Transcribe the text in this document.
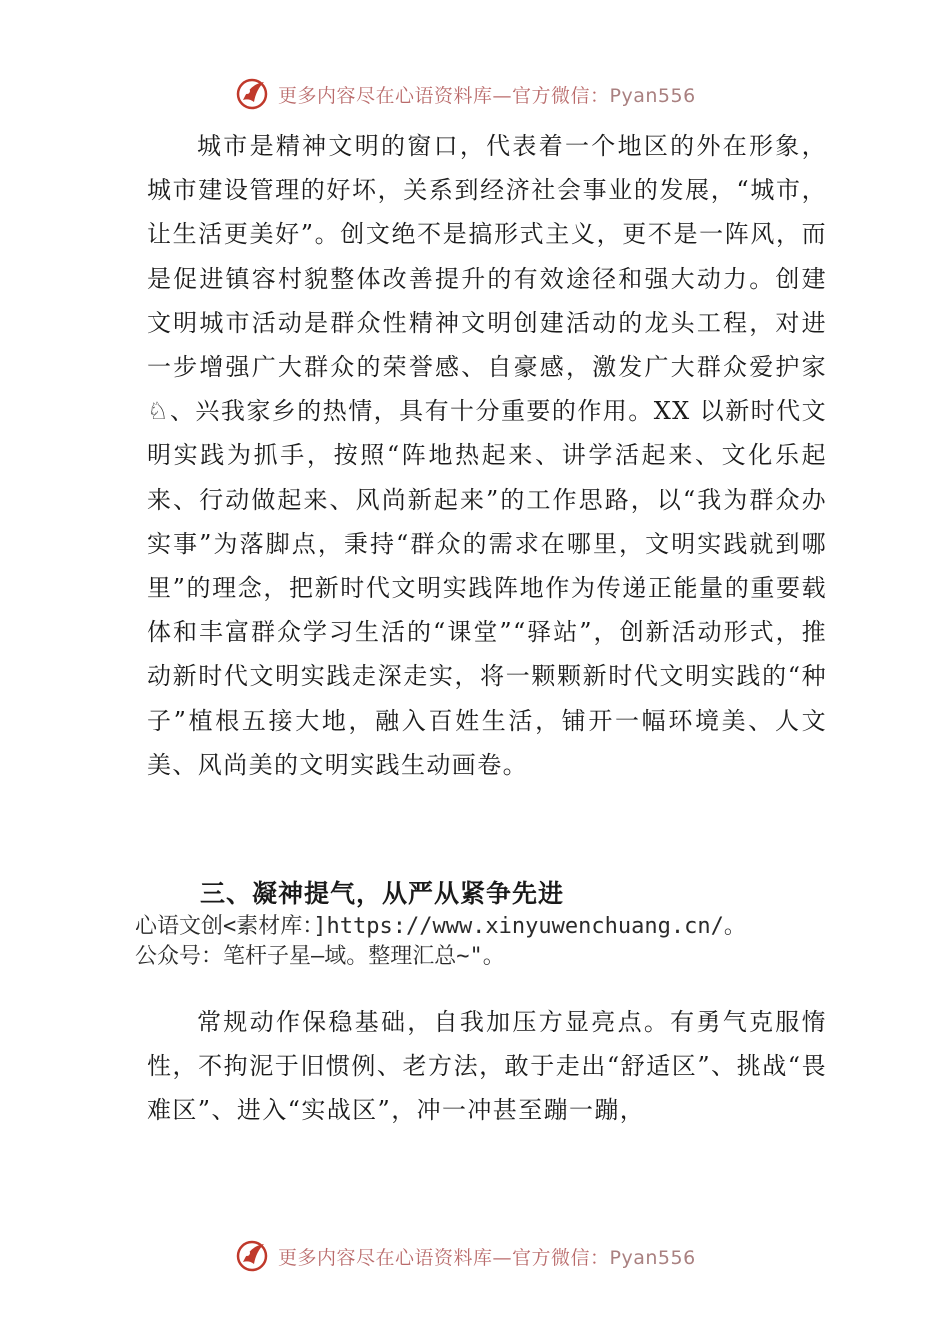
更多内容尽在心语资料库—官方微信：Pyan556

城市是精神文明的窗口，代表着一个地区的外在形象，城市建设管理的好坏，关系到经济社会事业的发展，“城市，让生活更美好”。创文绝不是搞形式主义，更不是一阵风，而是促进镇容村貌整体改善提升的有效途径和强大动力。创建文明城市活动是群众性精神文明创建活动的龙头工程，对进一步增强广大群众的荣誉感、自豪感，激发广大群众爱护家♘、兴我家乡的热情，具有十分重要的作用。XX 以新时代文明实践为抓手，按照“阵地热起来、讲学活起来、文化乐起来、行动做起来、风尚新起来”的工作思路，以“我为群众办实事”为落脚点，秉持“群众的需求在哪里，文明实践就到哪里”的理念，把新时代文明实践阵地作为传递正能量的重要载体和丰富群众学习生活的“课堂”“驿站”，创新活动形式，推动新时代文明实践走深走实，将一颗颗新时代文明实践的“种子”植根五接大地，融入百姓生活，铺开一幅环境美、人文美、风尚美的文明实践生动画卷。

三、凝神提气，从严从紧争先进
心语文创<素材库：]https://www.xinyuwenchuang.cn/。
公众号：笔杆子星—域。整理汇总~"。

常规动作保稳基础，自我加压方显亮点。有勇气克服惰性，不拘泥于旧惯例、老方法，敢于走出“舒适区”、挑战“畏难区”、进入“实战区”，冲一冲甚至蹦一蹦，

更多内容尽在心语资料库—官方微信：Pyan556
